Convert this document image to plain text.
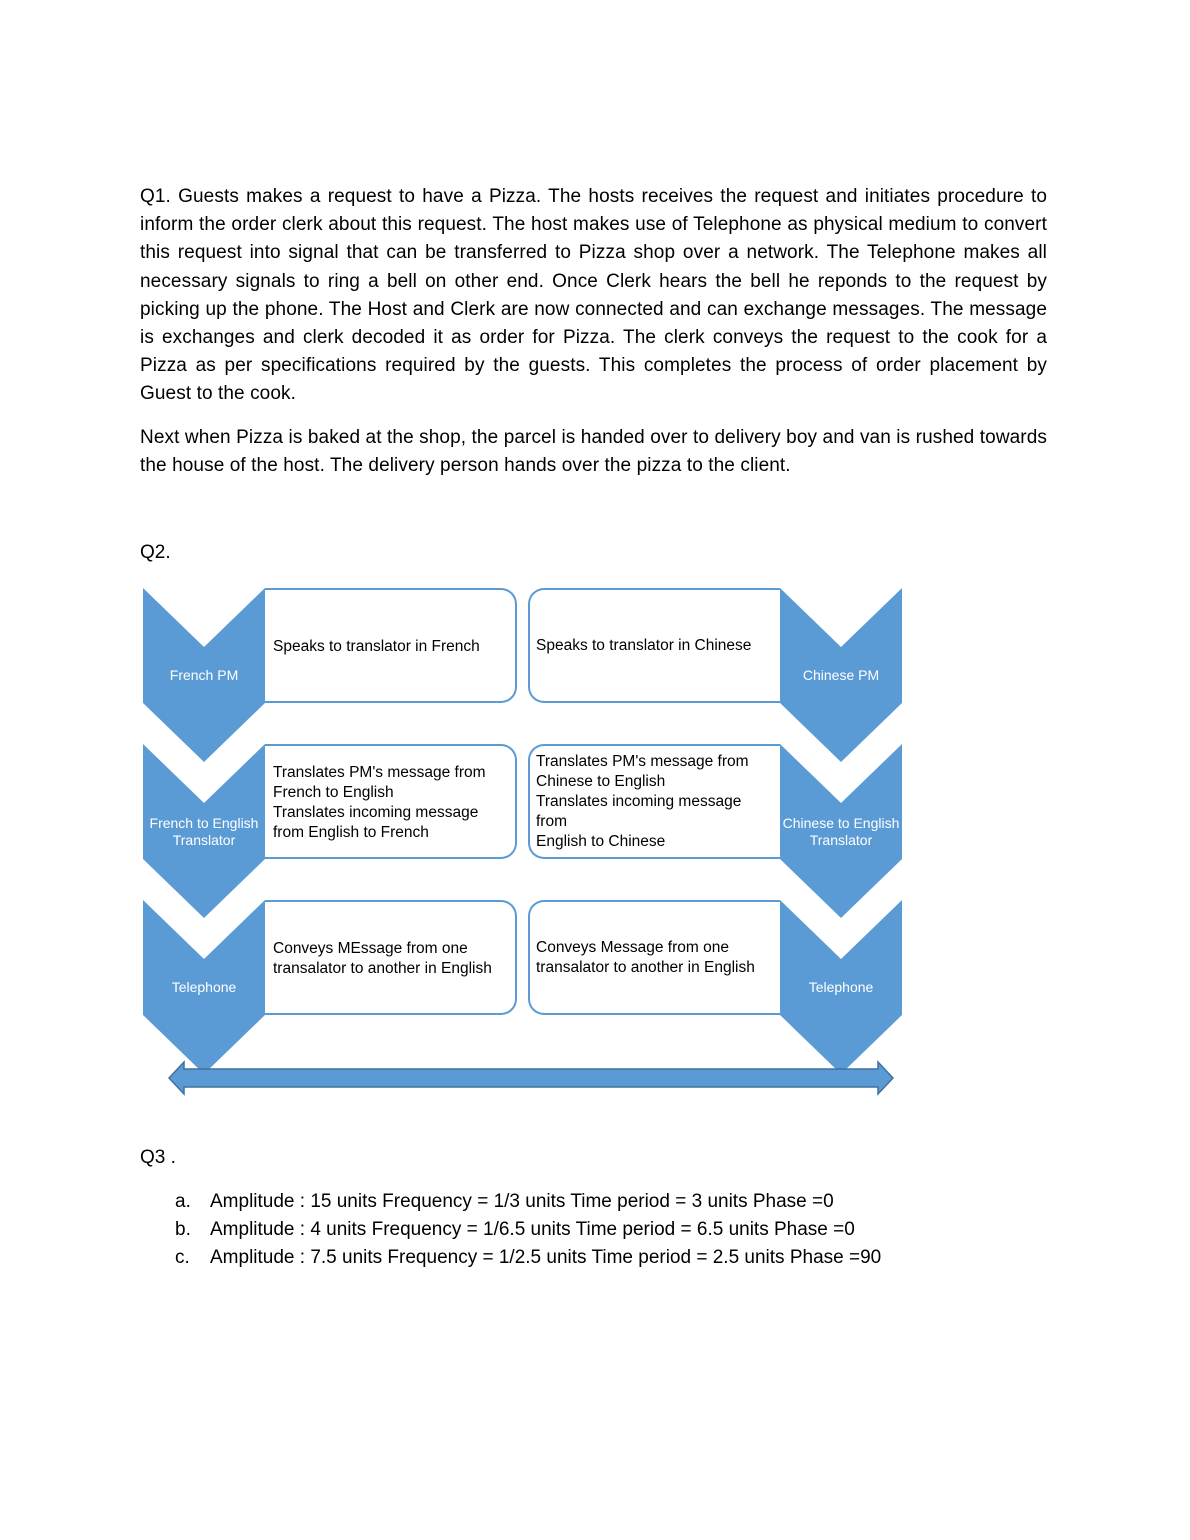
Q1. Guests makes a request to have a Pizza. The hosts receives the request and initiates procedure to inform the order clerk about this request. The host makes use of Telephone as physical medium to convert this request into signal that can be transferred to Pizza shop over a network. The Telephone makes all necessary signals to ring a bell on other end. Once Clerk hears the bell he reponds to the request by picking up the phone. The Host and Clerk are now connected and can exchange messages. The message is exchanges and clerk decoded it as order for Pizza. The clerk conveys the request to the cook for a Pizza as per specifications required by the guests. This completes the process of order placement by Guest to the cook.

Next when Pizza is baked at the shop, the parcel is handed over to delivery boy and van is rushed towards the house of the host. The delivery person hands over the pizza to the client.

Q2.

French PM
French to English
Translator
Telephone
Chinese PM
Chinese to English
Translator
Telephone
Speaks to translator in French
Translates PM's message from
French to English
Translates incoming message
from English to French
Conveys MEssage from one
transalator to another in English
Speaks to translator in Chinese
Translates PM's message from
Chinese to English
Translates incoming message from
English to Chinese
Conveys Message from one
transalator to another in English

Q3 .

a.	Amplitude : 15 units Frequency = 1/3 units Time period = 3 units Phase =0
b.	Amplitude : 4 units Frequency = 1/6.5 units Time period = 6.5 units Phase =0
c.	Amplitude : 7.5 units Frequency = 1/2.5 units Time period = 2.5 units Phase =90
